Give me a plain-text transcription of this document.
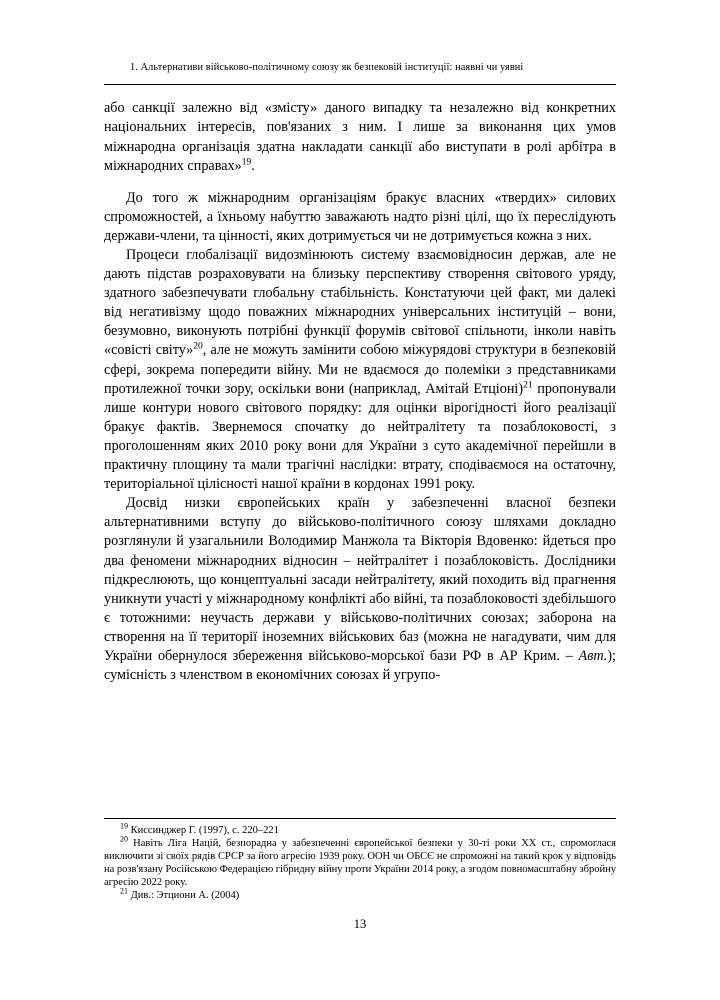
1. Альтернативи військово-політичному союзу як безпековій інституції: наявні чи уявні

або санкції залежно від «змісту» даного випадку та незалежно від конкретних національних інтересів, пов'язаних з ним. І лише за виконання цих умов міжнародна організація здатна накладати санкції або виступати в ролі арбітра в міжнародних справах»$^{19}$.

До того ж міжнародним організаціям бракує власних «твердих» силових спроможностей, а їхньому набуттю заважають надто різні цілі, що їх переслідують держави-члени, та цінності, яких дотримується чи не дотримується кожна з них.

Процеси глобалізації видозмінюють систему взаємовідносин держав, але не дають підстав розраховувати на близьку перспективу створення світового уряду, здатного забезпечувати глобальну стабільність. Констатуючи цей факт, ми далекі від негативізму щодо поважних міжнародних універсальних інституцій – вони, безумовно, виконують потрібні функції форумів світової спільноти, інколи навіть «совісті світу»$^{20}$, але не можуть замінити собою міжурядові структури в безпековій сфері, зокрема попередити війну. Ми не вдаємося до полеміки з представниками протилежної точки зору, оскільки вони (наприклад, Амітай Етціоні)$^{21}$ пропонували лише контури нового світового порядку: для оцінки вірогідності його реалізації бракує фактів. Звернемося спочатку до нейтралітету та позаблоковості, з проголошенням яких 2010 року вони для України з суто академічної перейшли в практичну площину та мали трагічні наслідки: втрату, сподіваємося на остаточну, територіальної цілісності нашої країни в кордонах 1991 року.

Досвід низки європейських країн у забезпеченні власної безпеки альтернативними вступу до військово-політичного союзу шляхами докладно розглянули й узагальнили Володимир Манжола та Вікторія Вдовенко: йдеться про два феномени міжнародних відносин – нейтралітет і позаблоковість. Дослідники підкреслюють, що концептуальні засади нейтралітету, який походить від прагнення уникнути участі у міжнародному конфлікті або війні, та позаблоковості здебільшого є тотожними: неучасть держави у військово-політичних союзах; заборона на створення на її території іноземних військових баз (можна не нагадувати, чим для України обернулося збереження військово-морської бази РФ в АР Крим. – Авт.); сумісність з членством в економічних союзах й угрупо-

$^{19}$ Киссинджер Г. (1997), с. 220–221

$^{20}$ Навіть Ліга Націй, безпорадна у забезпеченні європейської безпеки у 30-ті роки ХХ ст., спромоглася виключити зі своїх рядів СРСР за його агресію 1939 року. ООН чи ОБСЄ не спроможні на такий крок у відповідь на розв'язану Російською Федерацією гібридну війну проти України 2014 року, а згодом повномасштабну збройну агресію 2022 року.

$^{21}$ Див.: Этциони А. (2004)

13
